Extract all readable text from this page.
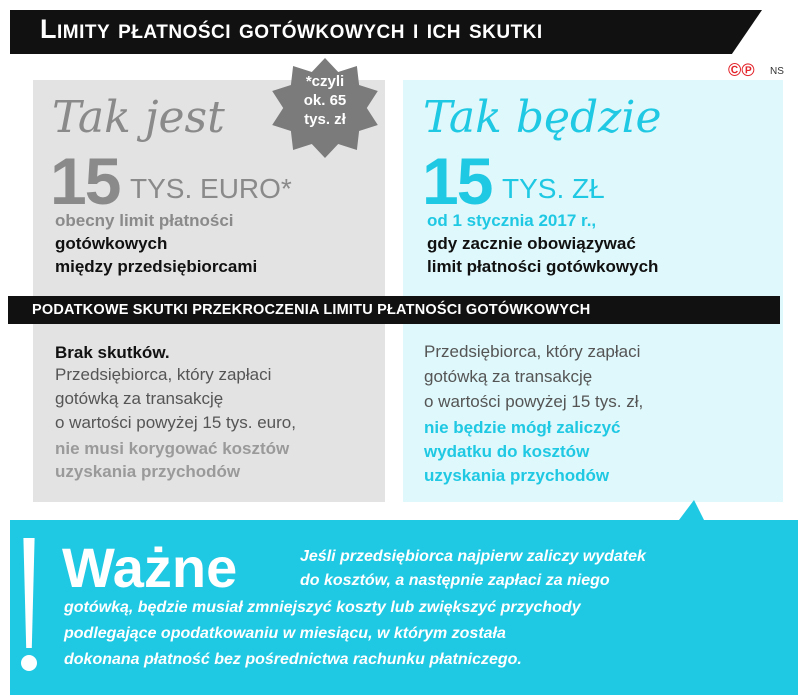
Limity płatności gotówkowych i ich skutki
©℗ NS
Tak jest
15 TYS. EURO*
obecny limit płatności
gotówkowych
między przedsiębiorcami
*czyli
ok. 65
tys. zł	Tak będzie
15 TYS. ZŁ
od 1 stycznia 2017 r.,
gdy zacznie obowiązywać
limit płatności gotówkowych
PODATKOWE SKUTKI PRZEKROCZENIA LIMITU PŁATNOŚCI GOTÓWKOWYCH
Brak skutków.
Przedsiębiorca, który zapłaci
gotówką za transakcję
o wartości powyżej 15 tys. euro,
nie musi korygować kosztów
uzyskania przychodów
Przedsiębiorca, który zapłaci
gotówką za transakcję
o wartości powyżej 15 tys. zł,
nie będzie mógł zaliczyć
wydatku do kosztów
uzyskania przychodów
Ważne	Jeśli przedsiębiorca najpierw zaliczy wydatek
do kosztów, a następnie zapłaci za niego
gotówką, będzie musiał zmniejszyć koszty lub zwiększyć przychody
podlegające opodatkowaniu w miesiącu, w którym została
dokonana płatność bez pośrednictwa rachunku płatniczego.
